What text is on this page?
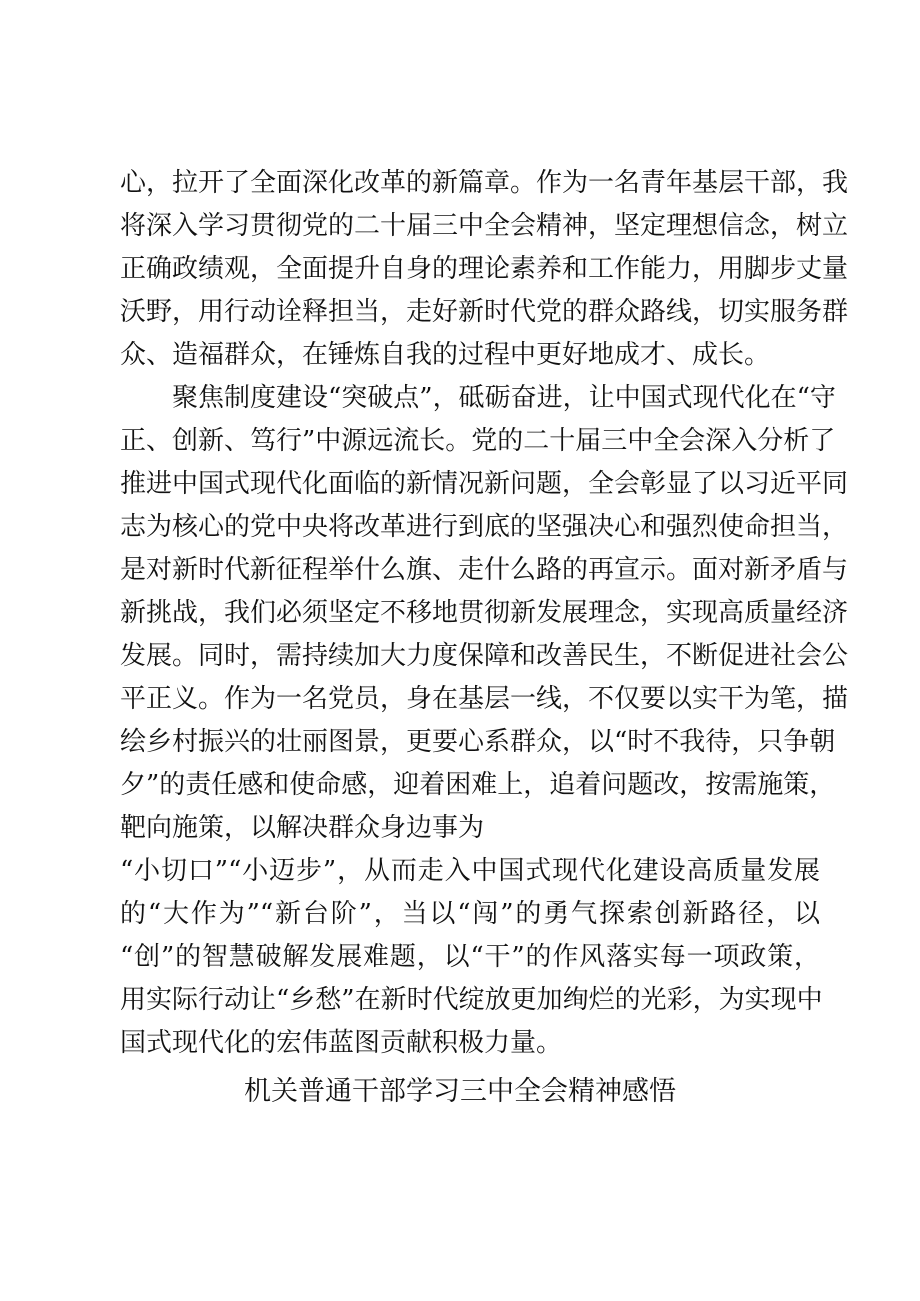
心，拉开了全面深化改革的新篇章。作为一名青年基层干部，我
将深入学习贯彻党的二十届三中全会精神，坚定理想信念，树立
正确政绩观，全面提升自身的理论素养和工作能力，用脚步丈量
沃野，用行动诠释担当，走好新时代党的群众路线，切实服务群
众、造福群众，在锤炼自我的过程中更好地成才、成长。
　　聚焦制度建设“突破点”，砥砺奋进，让中国式现代化在“守
正、创新、笃行”中源远流长。党的二十届三中全会深入分析了
推进中国式现代化面临的新情况新问题，全会彰显了以习近平同
志为核心的党中央将改革进行到底的坚强决心和强烈使命担当，
是对新时代新征程举什么旗、走什么路的再宣示。面对新矛盾与
新挑战，我们必须坚定不移地贯彻新发展理念，实现高质量经济
发展。同时，需持续加大力度保障和改善民生，不断促进社会公
平正义。作为一名党员，身在基层一线，不仅要以实干为笔，描
绘乡村振兴的壮丽图景，更要心系群众，以“时不我待，只争朝
夕”的责任感和使命感，迎着困难上，追着问题改，按需施策，
靶向施策，以解决群众身边事为
“小切口”“小迈步”，从而走入中国式现代化建设高质量发展
的“大作为”“新台阶”，当以“闯”的勇气探索创新路径，以
“创”的智慧破解发展难题，以“干”的作风落实每一项政策，
用实际行动让“乡愁”在新时代绽放更加绚烂的光彩，为实现中
国式现代化的宏伟蓝图贡献积极力量。
机关普通干部学习三中全会精神感悟
